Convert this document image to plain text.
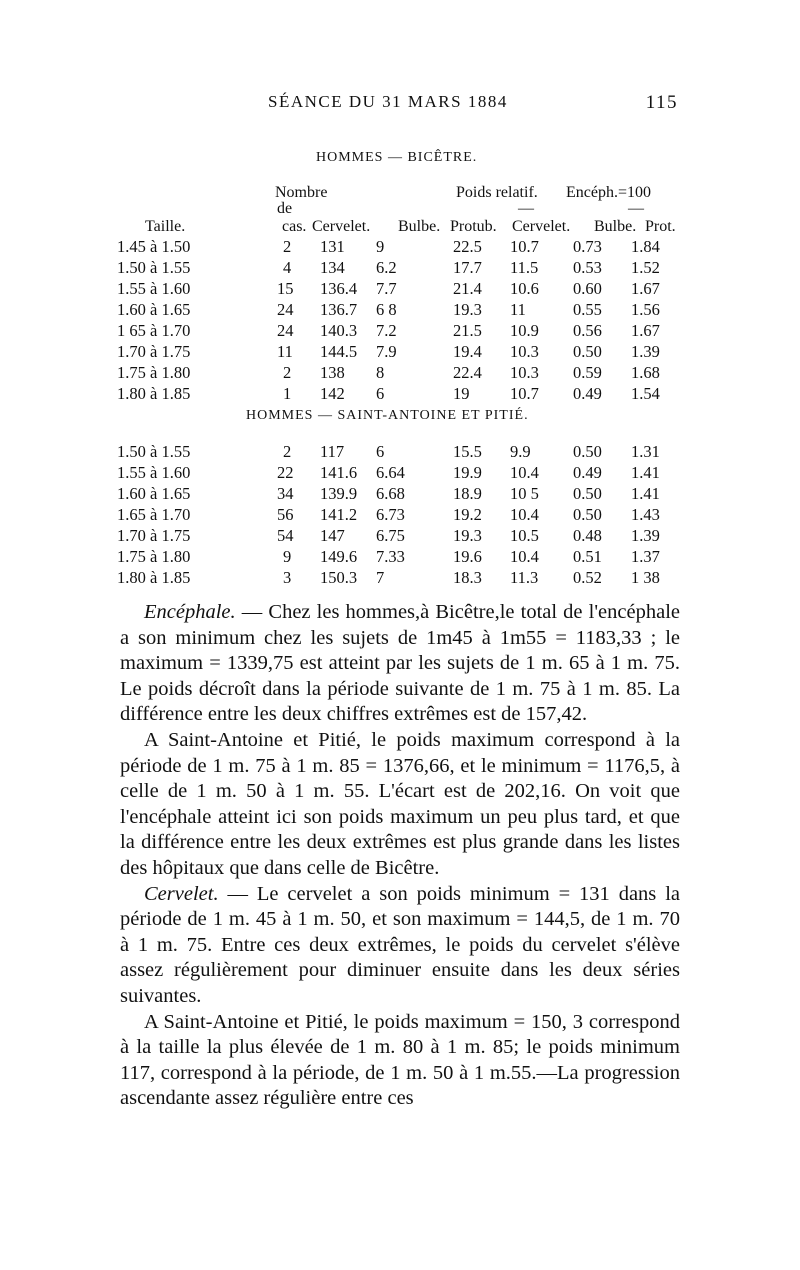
SÉANCE DU 31 MARS 1884	115
HOMMES — BICÊTRE.
Nombre	Poids relatif. Encéph.=100
de	—	—
Taille.	cas. Cervelet. Bulbe. Protub. Cervelet. Bulbe. Prot.
1.45 à 1.50	2 131 9	22.5 10.7 0.73 1.84
1.50 à 1.55	4 134 6.2	17.7 11.5 0.53 1.52
1.55 à 1.60	15 136.4 7.7	21.4 10.6 0.60 1.67
1.60 à 1.65	24 136.7 6 8	19.3 11	0.55 1.56
1 65 à 1.70	24 140.3 7.2	21.5 10.9 0.56 1.67
1.70 à 1.75	11 144.5 7.9	19.4 10.3 0.50 1.39
1.75 à 1.80	2 138 8	22.4 10.3 0.59 1.68
1.80 à 1.85	1 142 6	19 10.7 0.49 1.54
HOMMES — SAINT-ANTOINE ET PITIÉ.
1.50 à 1.55	2 117 6	15.5 9.9	0.50 1.31
1.55 à 1.60	22 141.6 6.64	19.9 10.4 0.49 1.41
1.60 à 1.65	34 139.9 6.68	18.9 10 5 0.50 1.41
1.65 à 1.70	56 141.2 6.73	19.2 10.4 0.50 1.43
1.70 à 1.75	54 147 6.75	19.3 10.5 0.48 1.39
1.75 à 1.80	9 149.6 7.33	19.6 10.4 0.51 1.37
1.80 à 1.85	3 150.3 7	18.3 11.3 0.52 1 38

Encéphale. — Chez les hommes,à Bicêtre,le total de l'encéphale a son minimum chez les sujets de 1m45 à 1m55 = 1183,33 ; le maximum = 1339,75 est atteint par les sujets de 1 m. 65 à 1 m. 75. Le poids décroît dans la période suivante de 1 m. 75 à 1 m. 85. La différence entre les deux chiffres extrêmes est de 157,42.

A Saint-Antoine et Pitié, le poids maximum correspond à la période de 1 m. 75 à 1 m. 85 = 1376,66, et le minimum = 1176,5, à celle de 1 m. 50 à 1 m. 55. L'écart est de 202,16. On voit que l'encéphale atteint ici son poids maximum un peu plus tard, et que la différence entre les deux extrêmes est plus grande dans les listes des hôpitaux que dans celle de Bicêtre.

Cervelet. — Le cervelet a son poids minimum = 131 dans la période de 1 m. 45 à 1 m. 50, et son maximum = 144,5, de 1 m. 70 à 1 m. 75. Entre ces deux extrêmes, le poids du cervelet s'élève assez régulièrement pour diminuer ensuite dans les deux séries suivantes.

A Saint-Antoine et Pitié, le poids maximum = 150, 3 correspond à la taille la plus élevée de 1 m. 80 à 1 m. 85; le poids minimum 117, correspond à la période, de 1 m. 50 à 1 m.55.—La progression ascendante assez régulière entre ces
